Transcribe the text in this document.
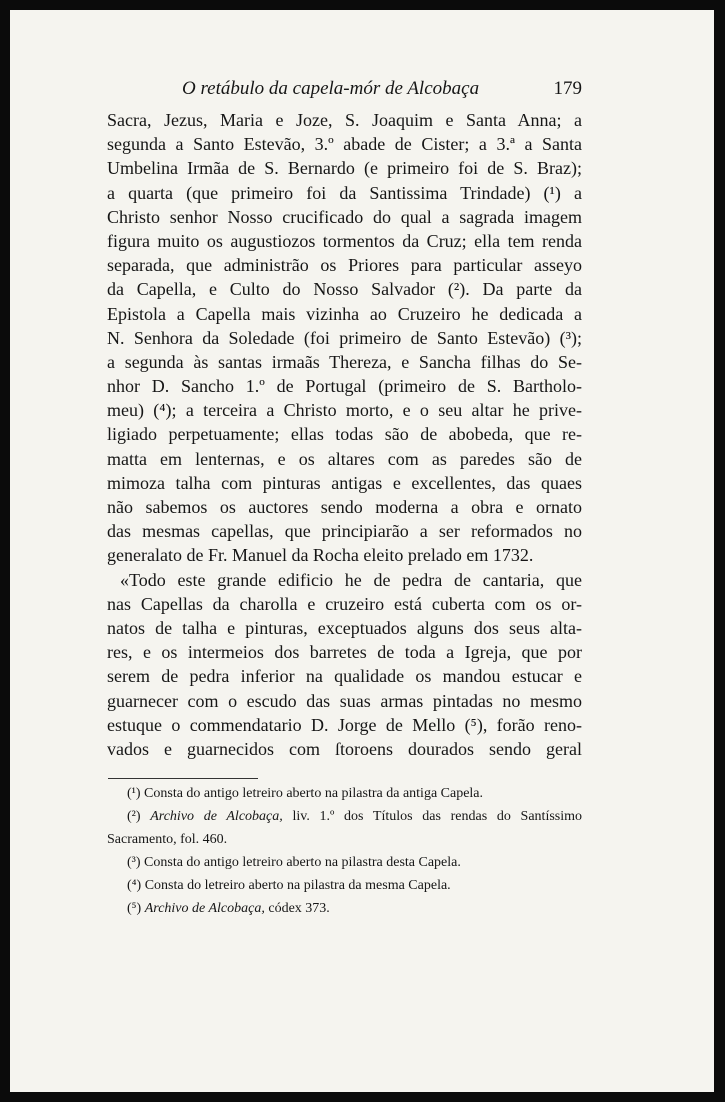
O retábulo da capela-mór de Alcobaça	179
Sacra, Jezus, Maria e Joze, S. Joaquim e Santa Anna; a
segunda a Santo Estevão, 3.º abade de Cister; a 3.ª a Santa
Umbelina Irmãa de S. Bernardo (e primeiro foi de S. Braz);
a quarta (que primeiro foi da Santissima Trindade) (¹) a
Christo senhor Nosso crucificado do qual a sagrada imagem
figura muito os augustiozos tormentos da Cruz; ella tem renda
separada, que administrão os Priores para particular asseyo
da Capella, e Culto do Nosso Salvador (²). Da parte da
Epistola a Capella mais vizinha ao Cruzeiro he dedicada a
N. Senhora da Soledade (foi primeiro de Santo Estevão) (³);
a segunda às santas irmaãs Thereza, e Sancha filhas do Se-
nhor D. Sancho 1.º de Portugal (primeiro de S. Bartholo-
meu) (⁴); a terceira a Christo morto, e o seu altar he prive-
ligiado perpetuamente; ellas todas são de abobeda, que re-
matta em lenternas, e os altares com as paredes são de
mimoza talha com pinturas antigas e excellentes, das quaes
não sabemos os auctores sendo moderna a obra e ornato
das mesmas capellas, que principiarão a ser reformados no
generalato de Fr. Manuel da Rocha eleito prelado em 1732.
«Todo este grande edificio he de pedra de cantaria, que
nas Capellas da charolla e cruzeiro está cuberta com os or-
natos de talha e pinturas, exceptuados alguns dos seus alta-
res, e os intermeios dos barretes de toda a Igreja, que por
serem de pedra inferior na qualidade os mandou estucar e
guarnecer com o escudo das suas armas pintadas no mesmo
estuque o commendatario D. Jorge de Mello (⁵), forão reno-
vados e guarnecidos com ſtoroens dourados sendo geral
(¹) Consta do antigo letreiro aberto na pilastra da antiga Capela.
(²) Archivo de Alcobaça, liv. 1.º dos Títulos das rendas do Santíssimo
Sacramento, fol. 460.
(³) Consta do antigo letreiro aberto na pilastra desta Capela.
(⁴) Consta do letreiro aberto na pilastra da mesma Capela.
(⁵) Archivo de Alcobaça, códex 373.
